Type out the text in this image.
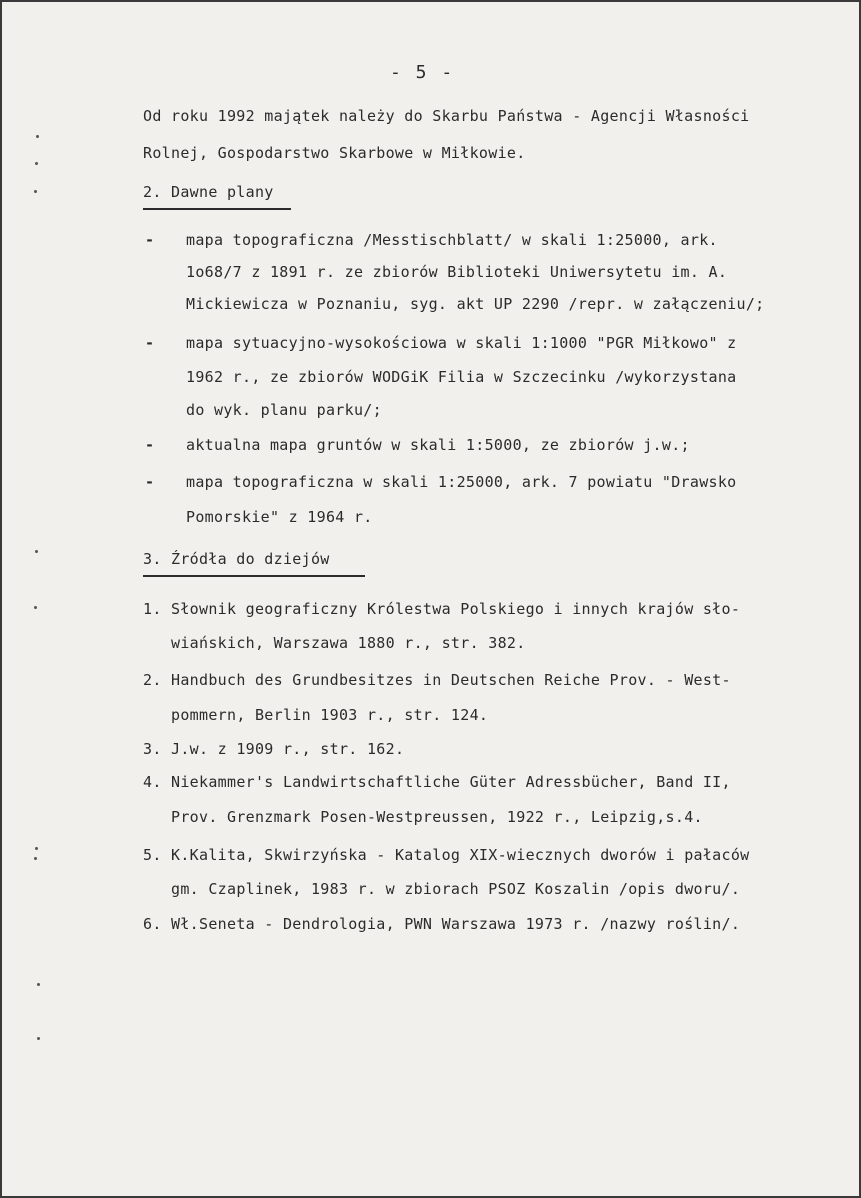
- 5 -
Od roku 1992 majątek należy do Skarbu Państwa - Agencji Własności
Rolnej, Gospodarstwo Skarbowe w Miłkowie.
2. Dawne plany
- mapa topograficzna /Messtischblatt/ w skali 1:25000, ark.
1o68/7 z 1891 r. ze zbiorów Biblioteki Uniwersytetu im. A.
Mickiewicza w Poznaniu, syg. akt UP 2290 /repr. w załączeniu/;
- mapa sytuacyjno-wysokościowa w skali 1:1000 "PGR Miłkowo" z
1962 r., ze zbiorów WODGiK Filia w Szczecinku /wykorzystana
do wyk. planu parku/;
- aktualna mapa gruntów w skali 1:5000, ze zbiorów j.w.;
- mapa topograficzna w skali 1:25000, ark. 7 powiatu "Drawsko
Pomorskie" z 1964 r.
3. Źródła do dziejów
1. Słownik geograficzny Królestwa Polskiego i innych krajów sło-
wiańskich, Warszawa 1880 r., str. 382.
2. Handbuch des Grundbesitzes in Deutschen Reiche Prov. - West-
pommern, Berlin 1903 r., str. 124.
3. J.w. z 1909 r., str. 162.
4. Niekammer's Landwirtschaftliche Güter Adressbücher, Band II,
Prov. Grenzmark Posen-Westpreussen, 1922 r., Leipzig,s.4.
5. K.Kalita, Skwirzyńska - Katalog XIX-wiecznych dworów i pałaców
gm. Czaplinek, 1983 r. w zbiorach PSOZ Koszalin /opis dworu/.
6. Wł.Seneta - Dendrologia, PWN Warszawa 1973 r. /nazwy roślin/.
